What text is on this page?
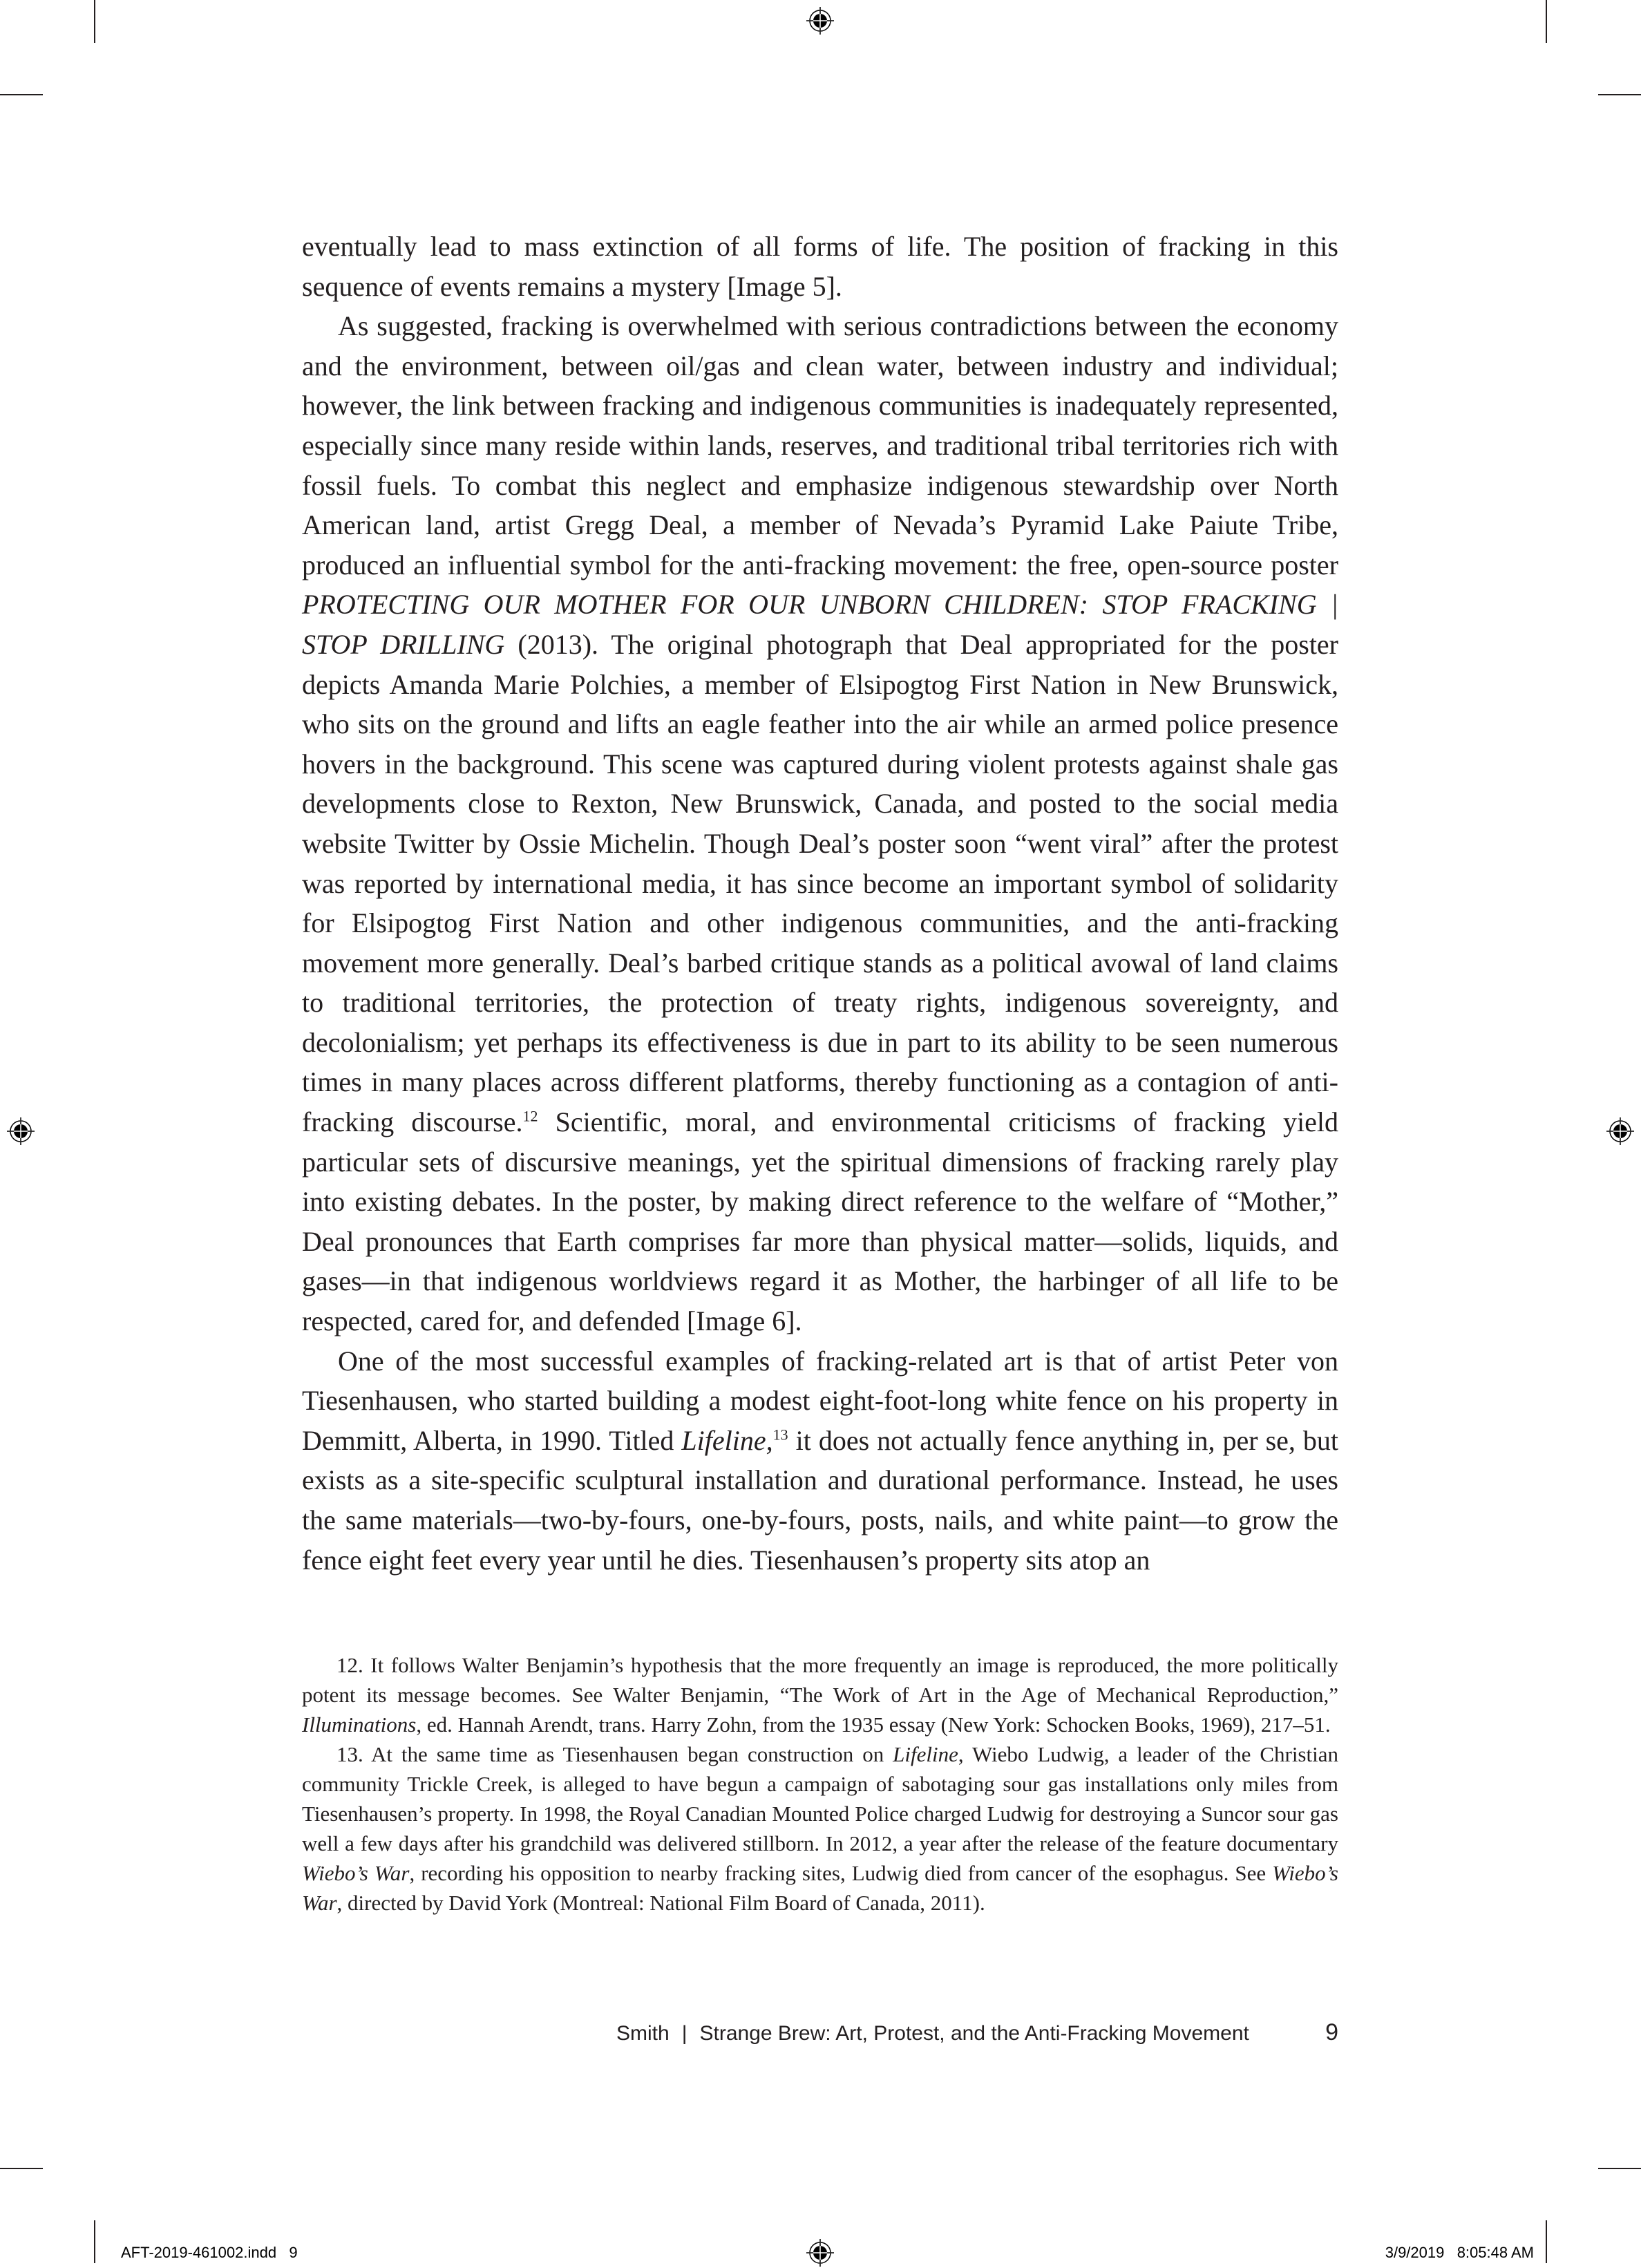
eventually lead to mass extinction of all forms of life. The position of fracking in this sequence of events remains a mystery [Image 5].

As suggested, fracking is overwhelmed with serious contradictions between the economy and the environment, between oil/gas and clean water, between industry and individual; however, the link between fracking and indigenous communities is inadequately represented, especially since many reside within lands, reserves, and traditional tribal territories rich with fossil fuels. To combat this neglect and emphasize indigenous stewardship over North American land, artist Gregg Deal, a member of Nevada’s Pyramid Lake Paiute Tribe, produced an influential symbol for the anti-fracking movement: the free, open-source poster PROTECTING OUR MOTHER FOR OUR UNBORN CHILDREN: STOP FRACKING | STOP DRILLING (2013). The original photograph that Deal appropriated for the poster depicts Amanda Marie Polchies, a member of Elsipogtog First Nation in New Brunswick, who sits on the ground and lifts an eagle feather into the air while an armed police presence hovers in the background. This scene was captured during violent protests against shale gas developments close to Rexton, New Brunswick, Canada, and posted to the social media website Twitter by Ossie Michelin. Though Deal’s poster soon “went viral” after the protest was reported by international media, it has since become an important symbol of solidarity for Elsipogtog First Nation and other indigenous communities, and the anti-fracking movement more generally. Deal’s barbed critique stands as a political avowal of land claims to traditional territories, the protection of treaty rights, indigenous sovereignty, and decolonialism; yet perhaps its effectiveness is due in part to its ability to be seen numerous times in many places across different platforms, thereby functioning as a contagion of anti-fracking discourse.$^{12}$ Scientific, moral, and environmental criticisms of fracking yield particular sets of discursive meanings, yet the spiritual dimensions of fracking rarely play into existing debates. In the poster, by making direct reference to the welfare of “Mother,” Deal pronounces that Earth comprises far more than physical matter—solids, liquids, and gases—in that indigenous worldviews regard it as Mother, the harbinger of all life to be respected, cared for, and defended [Image 6].

One of the most successful examples of fracking-related art is that of artist Peter von Tiesenhausen, who started building a modest eight-foot-long white fence on his property in Demmitt, Alberta, in 1990. Titled Lifeline,$^{13}$ it does not actually fence anything in, per se, but exists as a site-specific sculptural installation and durational performance. Instead, he uses the same materials—two-by-fours, one-by-fours, posts, nails, and white paint—to grow the fence eight feet every year until he dies. Tiesenhausen’s property sits atop an

12. It follows Walter Benjamin’s hypothesis that the more frequently an image is reproduced, the more politically potent its message becomes. See Walter Benjamin, “The Work of Art in the Age of Mechanical Reproduction,” Illuminations, ed. Hannah Arendt, trans. Harry Zohn, from the 1935 essay (New York: Schocken Books, 1969), 217–51.

13. At the same time as Tiesenhausen began construction on Lifeline, Wiebo Ludwig, a leader of the Christian community Trickle Creek, is alleged to have begun a campaign of sabotaging sour gas installations only miles from Tiesenhausen’s property. In 1998, the Royal Canadian Mounted Police charged Ludwig for destroying a Suncor sour gas well a few days after his grandchild was delivered stillborn. In 2012, a year after the release of the feature documentary Wiebo’s War, recording his opposition to nearby fracking sites, Ludwig died from cancer of the esophagus. See Wiebo’s War, directed by David York (Montreal: National Film Board of Canada, 2011).

Smith | Strange Brew: Art, Protest, and the Anti-Fracking Movement	9
AFT-2019-461002.indd   9	3/9/2019   8:05:48 AM
